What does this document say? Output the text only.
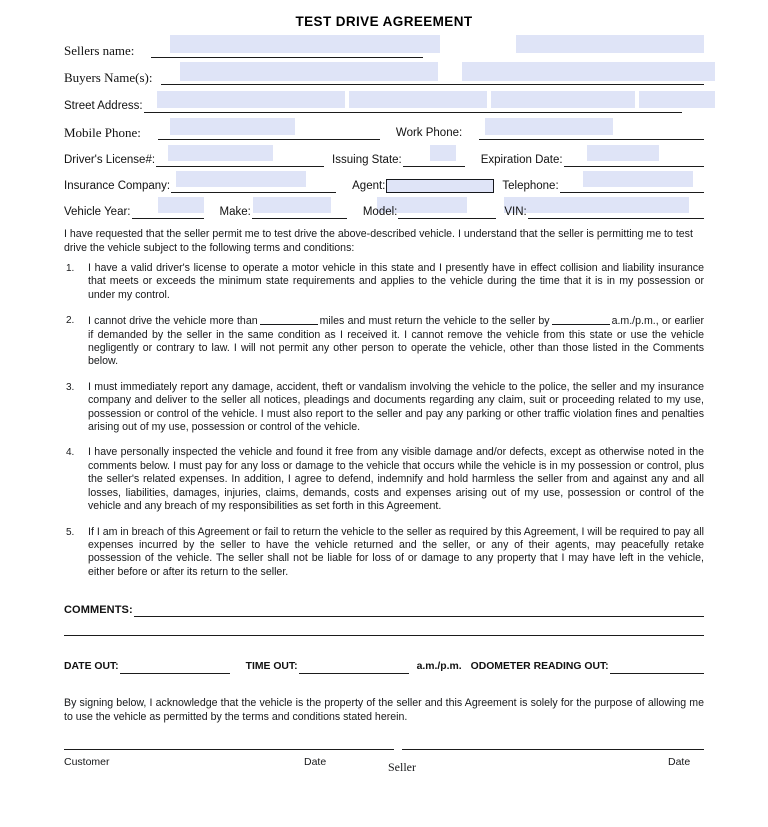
TEST DRIVE AGREEMENT
Sellers name:
Buyers Name(s):
Street Address:
Mobile Phone:	Work Phone:
Driver's License#:	Issuing State:	Expiration Date:
Insurance Company:	Agent:	Telephone:
Vehicle Year:	Make:	Model:	VIN:
I have requested that the seller permit me to test drive the above-described vehicle. I understand that the seller is permitting me to test drive the vehicle subject to the following terms and conditions:
1.	I have a valid driver's license to operate a motor vehicle in this state and I presently have in effect collision and liability insurance that meets or exceeds the minimum state requirements and applies to the vehicle during the time that it is in my possession or under my control.
2.	I cannot drive the vehicle more than	miles and must return the vehicle to the seller by	a.m./p.m., or earlier if demanded by the seller in the same condition as I received it. I cannot remove the vehicle from this state or use the vehicle negligently or contrary to law. I will not permit any other person to operate the vehicle, other than those listed in the Comments below.
3.	I must immediately report any damage, accident, theft or vandalism involving the vehicle to the police, the seller and my insurance company and deliver to the seller all notices, pleadings and documents regarding any claim, suit or proceeding related to my use, possession or control of the vehicle. I must also report to the seller and pay any parking or other traffic violation fines and penalties arising out of my use, possession or control of the vehicle.
4.	I have personally inspected the vehicle and found it free from any visible damage and/or defects, except as otherwise noted in the comments below. I must pay for any loss or damage to the vehicle that occurs while the vehicle is in my possession or control, plus the seller's related expenses. In addition, I agree to defend, indemnify and hold harmless the seller from and against any and all losses, liabilities, damages, injuries, claims, demands, costs and expenses arising out of my use, possession or control of the vehicle and any breach of my responsibilities as set forth in this Agreement.
5.	If I am in breach of this Agreement or fail to return the vehicle to the seller as required by this Agreement, I will be required to pay all expenses incurred by the seller to have the vehicle returned and the seller, or any of their agents, may peacefully retake possession of the vehicle. The seller shall not be liable for loss of or damage to any property that I may have left in the vehicle, either before or after its return to the seller.
COMMENTS:
DATE OUT:	TIME OUT:	a.m./p.m. ODOMETER READING OUT:
By signing below, I acknowledge that the vehicle is the property of the seller and this Agreement is solely for the purpose of allowing me to use the vehicle as permitted by the terms and conditions stated herein.
Customer	Date	Seller	Date
